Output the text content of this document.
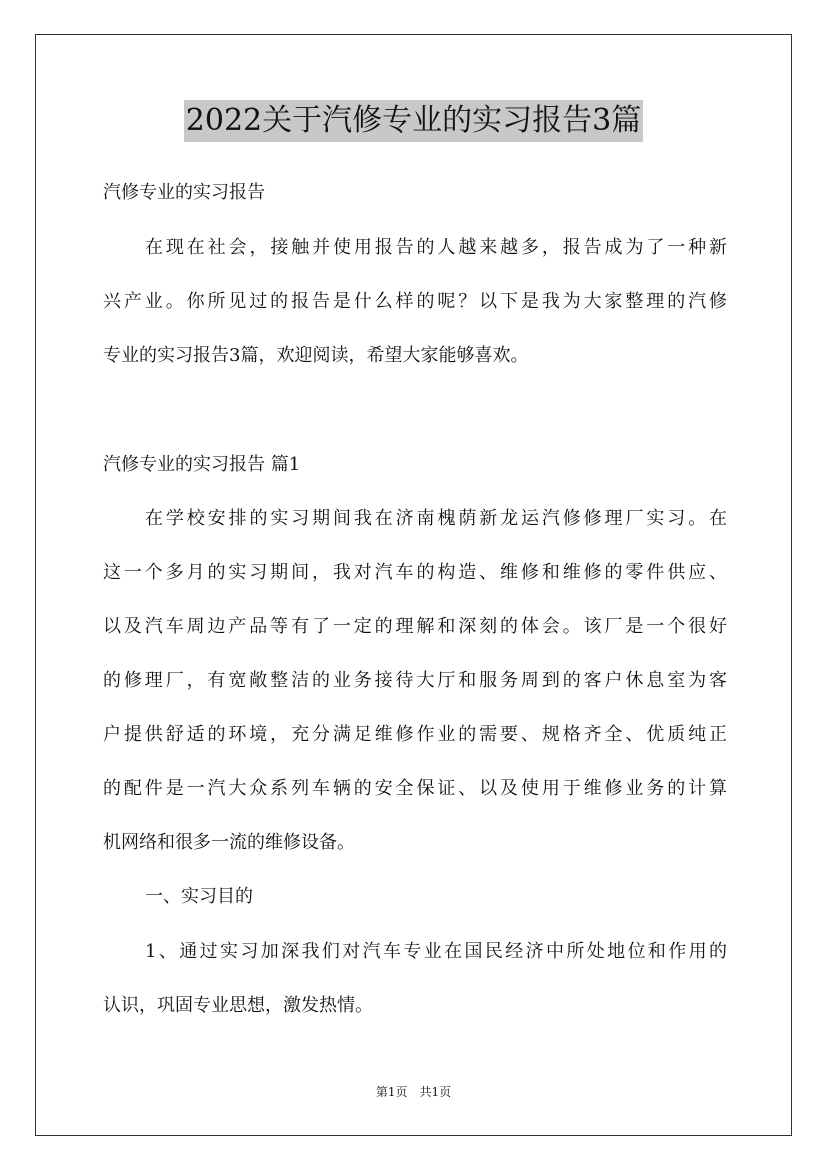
2022关于汽修专业的实习报告3篇
汽修专业的实习报告
在现在社会，接触并使用报告的人越来越多，报告成为了一种新
兴产业。你所见过的报告是什么样的呢？以下是我为大家整理的汽修
专业的实习报告3篇，欢迎阅读，希望大家能够喜欢。
汽修专业的实习报告 篇1
在学校安排的实习期间我在济南槐荫新龙运汽修修理厂实习。在
这一个多月的实习期间，我对汽车的构造、维修和维修的零件供应、
以及汽车周边产品等有了一定的理解和深刻的体会。该厂是一个很好
的修理厂，有宽敞整洁的业务接待大厅和服务周到的客户休息室为客
户提供舒适的环境，充分满足维修作业的需要、规格齐全、优质纯正
的配件是一汽大众系列车辆的安全保证、以及使用于维修业务的计算
机网络和很多一流的维修设备。
一、实习目的
1、通过实习加深我们对汽车专业在国民经济中所处地位和作用的
认识，巩固专业思想，激发热情。
第1页　共1页
